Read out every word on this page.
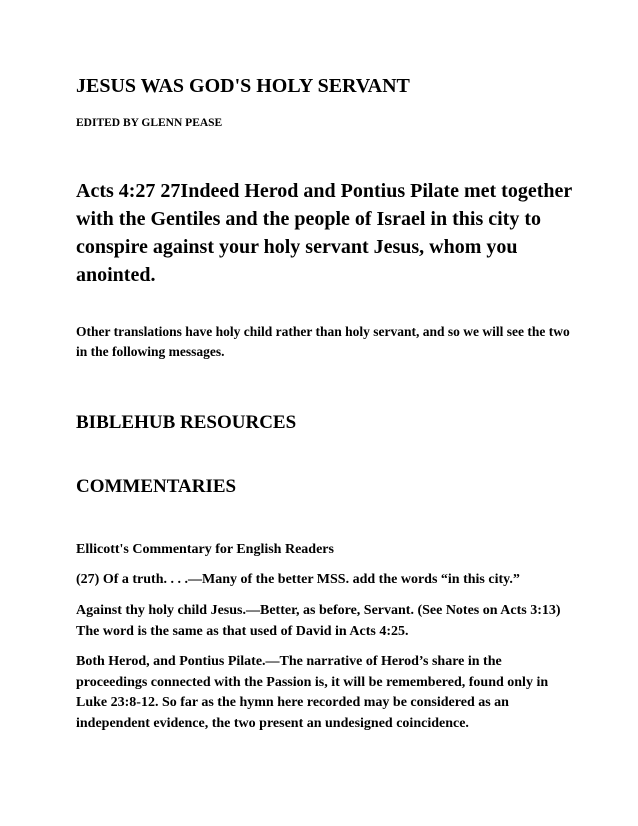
JESUS WAS GOD'S HOLY SERVANT
EDITED BY GLENN PEASE

Acts 4:27 27Indeed Herod and Pontius Pilate met together with the Gentiles and the people of Israel in this city to conspire against your holy servant Jesus, whom you anointed.

Other translations have holy child rather than holy servant, and so we will see the two in the following messages.

BIBLEHUB RESOURCES
COMMENTARIES
Ellicott's Commentary for English Readers

(27) Of a truth. . . .—Many of the better MSS. add the words “in this city.”

Against thy holy child Jesus.—Better, as before, Servant. (See Notes on Acts 3:13) The word is the same as that used of David in Acts 4:25.

Both Herod, and Pontius Pilate.—The narrative of Herod’s share in the proceedings connected with the Passion is, it will be remembered, found only in Luke 23:8-12. So far as the hymn here recorded may be considered as an independent evidence, the two present an undesigned coincidence.
